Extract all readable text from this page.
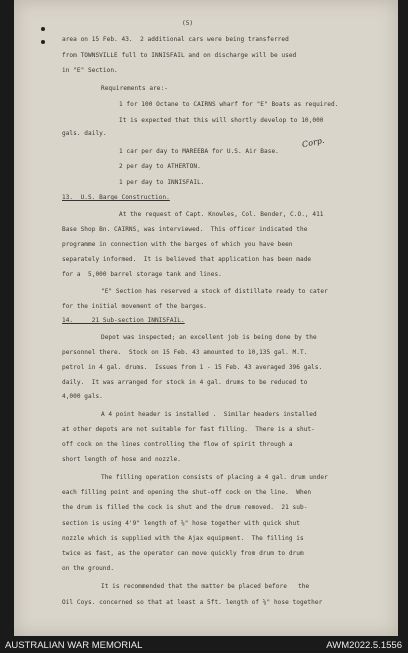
(5)
area on 15 Feb. 43.  2 additional cars were being transferred
from TOWNSVILLE full to INNISFAIL and on discharge will be used
in "E" Section.
Requirements are:-
1 for 100 Octane to CAIRNS wharf for "E" Boats as required.
It is expected that this will shortly develop to 10,000
gals. daily.
1 car per day to MAREEBA for U.S. Air Base.
Corp.
2 per day to ATHERTON.
1 per day to INNISFAIL.
13.  U.S. Barge Construction.
At the request of Capt. Knowles, Col. Bender, C.O., 411
Base Shop Bn. CAIRNS, was interviewed.  This officer indicated the
programme in connection with the barges of which you have been
separately informed.  It is believed that application has been made
for a  5,000 barrel storage tank and lines.
"E" Section has reserved a stock of distillate ready to cater
for the initial movement of the barges.
14.     21 Sub-section INNISFAIL.
Depot was inspected; an excellent job is being done by the
personnel there.  Stock on 15 Feb. 43 amounted to 10,135 gal. M.T.
petrol in 4 gal. drums.  Issues from 1 - 15 Feb. 43 averaged 396 gals.
daily.  It was arranged for stock in 4 gal. drums to be reduced to
4,000 gals.
A 4 point header is installed .  Similar headers installed
at other depots are not suitable for fast filling.  There is a shut-
off cock on the lines controlling the flow of spirit through a
short length of hose and nozzle.
The filling operation consists of placing a 4 gal. drum under
each filling point and opening the shut-off cock on the line.  When
the drum is filled the cock is shut and the drum removed.  21 sub-
section is using 4'9" length of ⅝" hose together with quick shut
nozzle which is supplied with the Ajax equipment.  The filling is
twice as fast, as the operator can move quickly from drum to drum
on the ground.
It is recommended that the matter be placed before   the
Oil Coys. concerned so that at least a 5ft. length of ⅝" hose together
AUSTRALIAN WAR MEMORIAL	AWM2022.5.1556
